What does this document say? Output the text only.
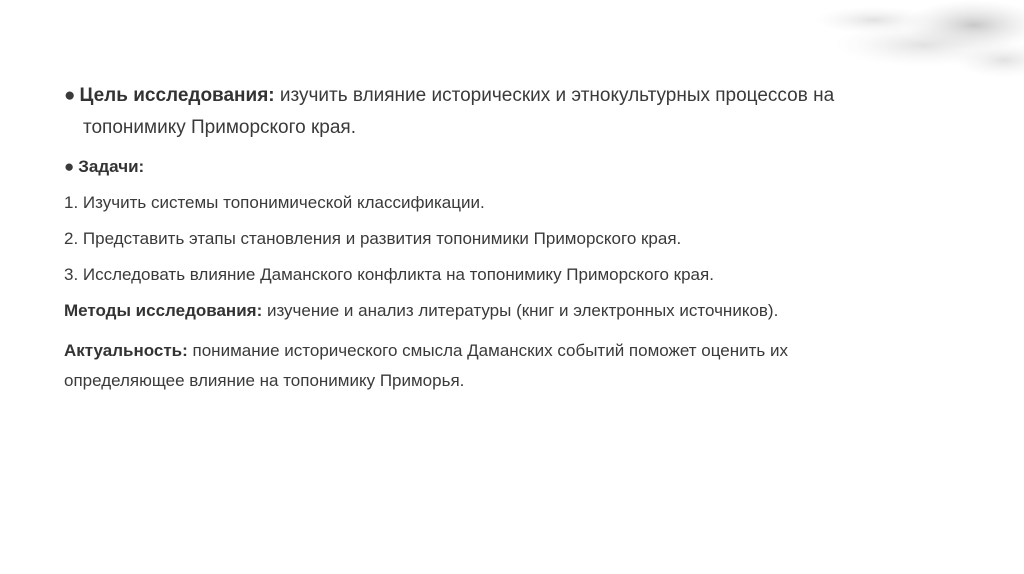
● Цель исследования: изучить влияние исторических и этнокультурных процессов на
топонимику Приморского края.

● Задачи:

1. Изучить системы топонимической классификации.

2. Представить этапы становления и развития топонимики Приморского края.

3. Исследовать влияние Даманского конфликта на топонимику Приморского края.

Методы исследования: изучение и анализ литературы (книг и электронных источников).

Актуальность: понимание исторического смысла Даманских событий поможет оценить их
определяющее влияние на топонимику Приморья.
